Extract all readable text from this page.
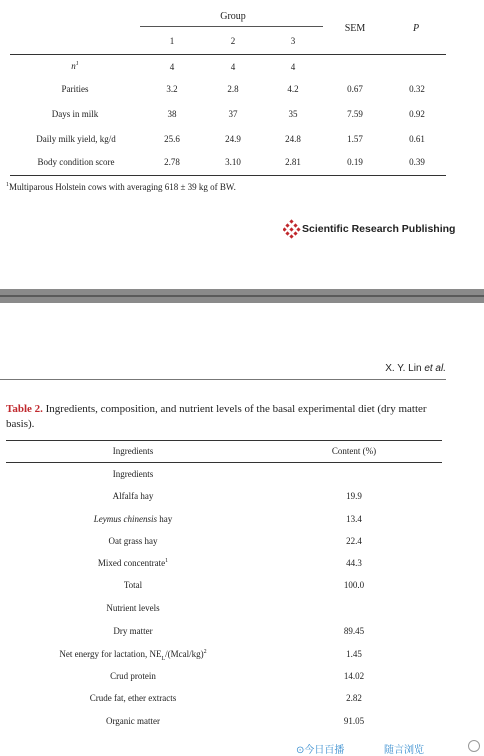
Group
SEM	P
1	2	3
$n^1$	4	4	4
Parities	3.2	2.8	4.2	0.67	0.32
Days in milk	38	37	35	7.59	0.92
Daily milk yield, kg/d	25.6	24.9	24.8	1.57	0.61
Body condition score	2.78	3.10	2.81	0.19	0.39
$^1$Multiparous Holstein cows with averaging 618 ± 39 kg of BW.
Scientific Research Publishing
X. Y. Lin et al.
Table 2. Ingredients, composition, and nutrient levels of the basal experimental diet (dry matter basis).
Ingredients	Content (%)
Ingredients
Alfalfa hay	19.9
Leymus chinensis hay	13.4
Oat grass hay	22.4
Mixed concentrate$^1$	44.3
Total	100.0
Nutrient levels
Dry matter	89.45
Net energy for lactation, $NE_L/(Mcal/kg)^2$	1.45
Crud protein	14.02
Crude fat, ether extracts	2.82
Organic matter	91.05
⊙今日百播	随言浏览
